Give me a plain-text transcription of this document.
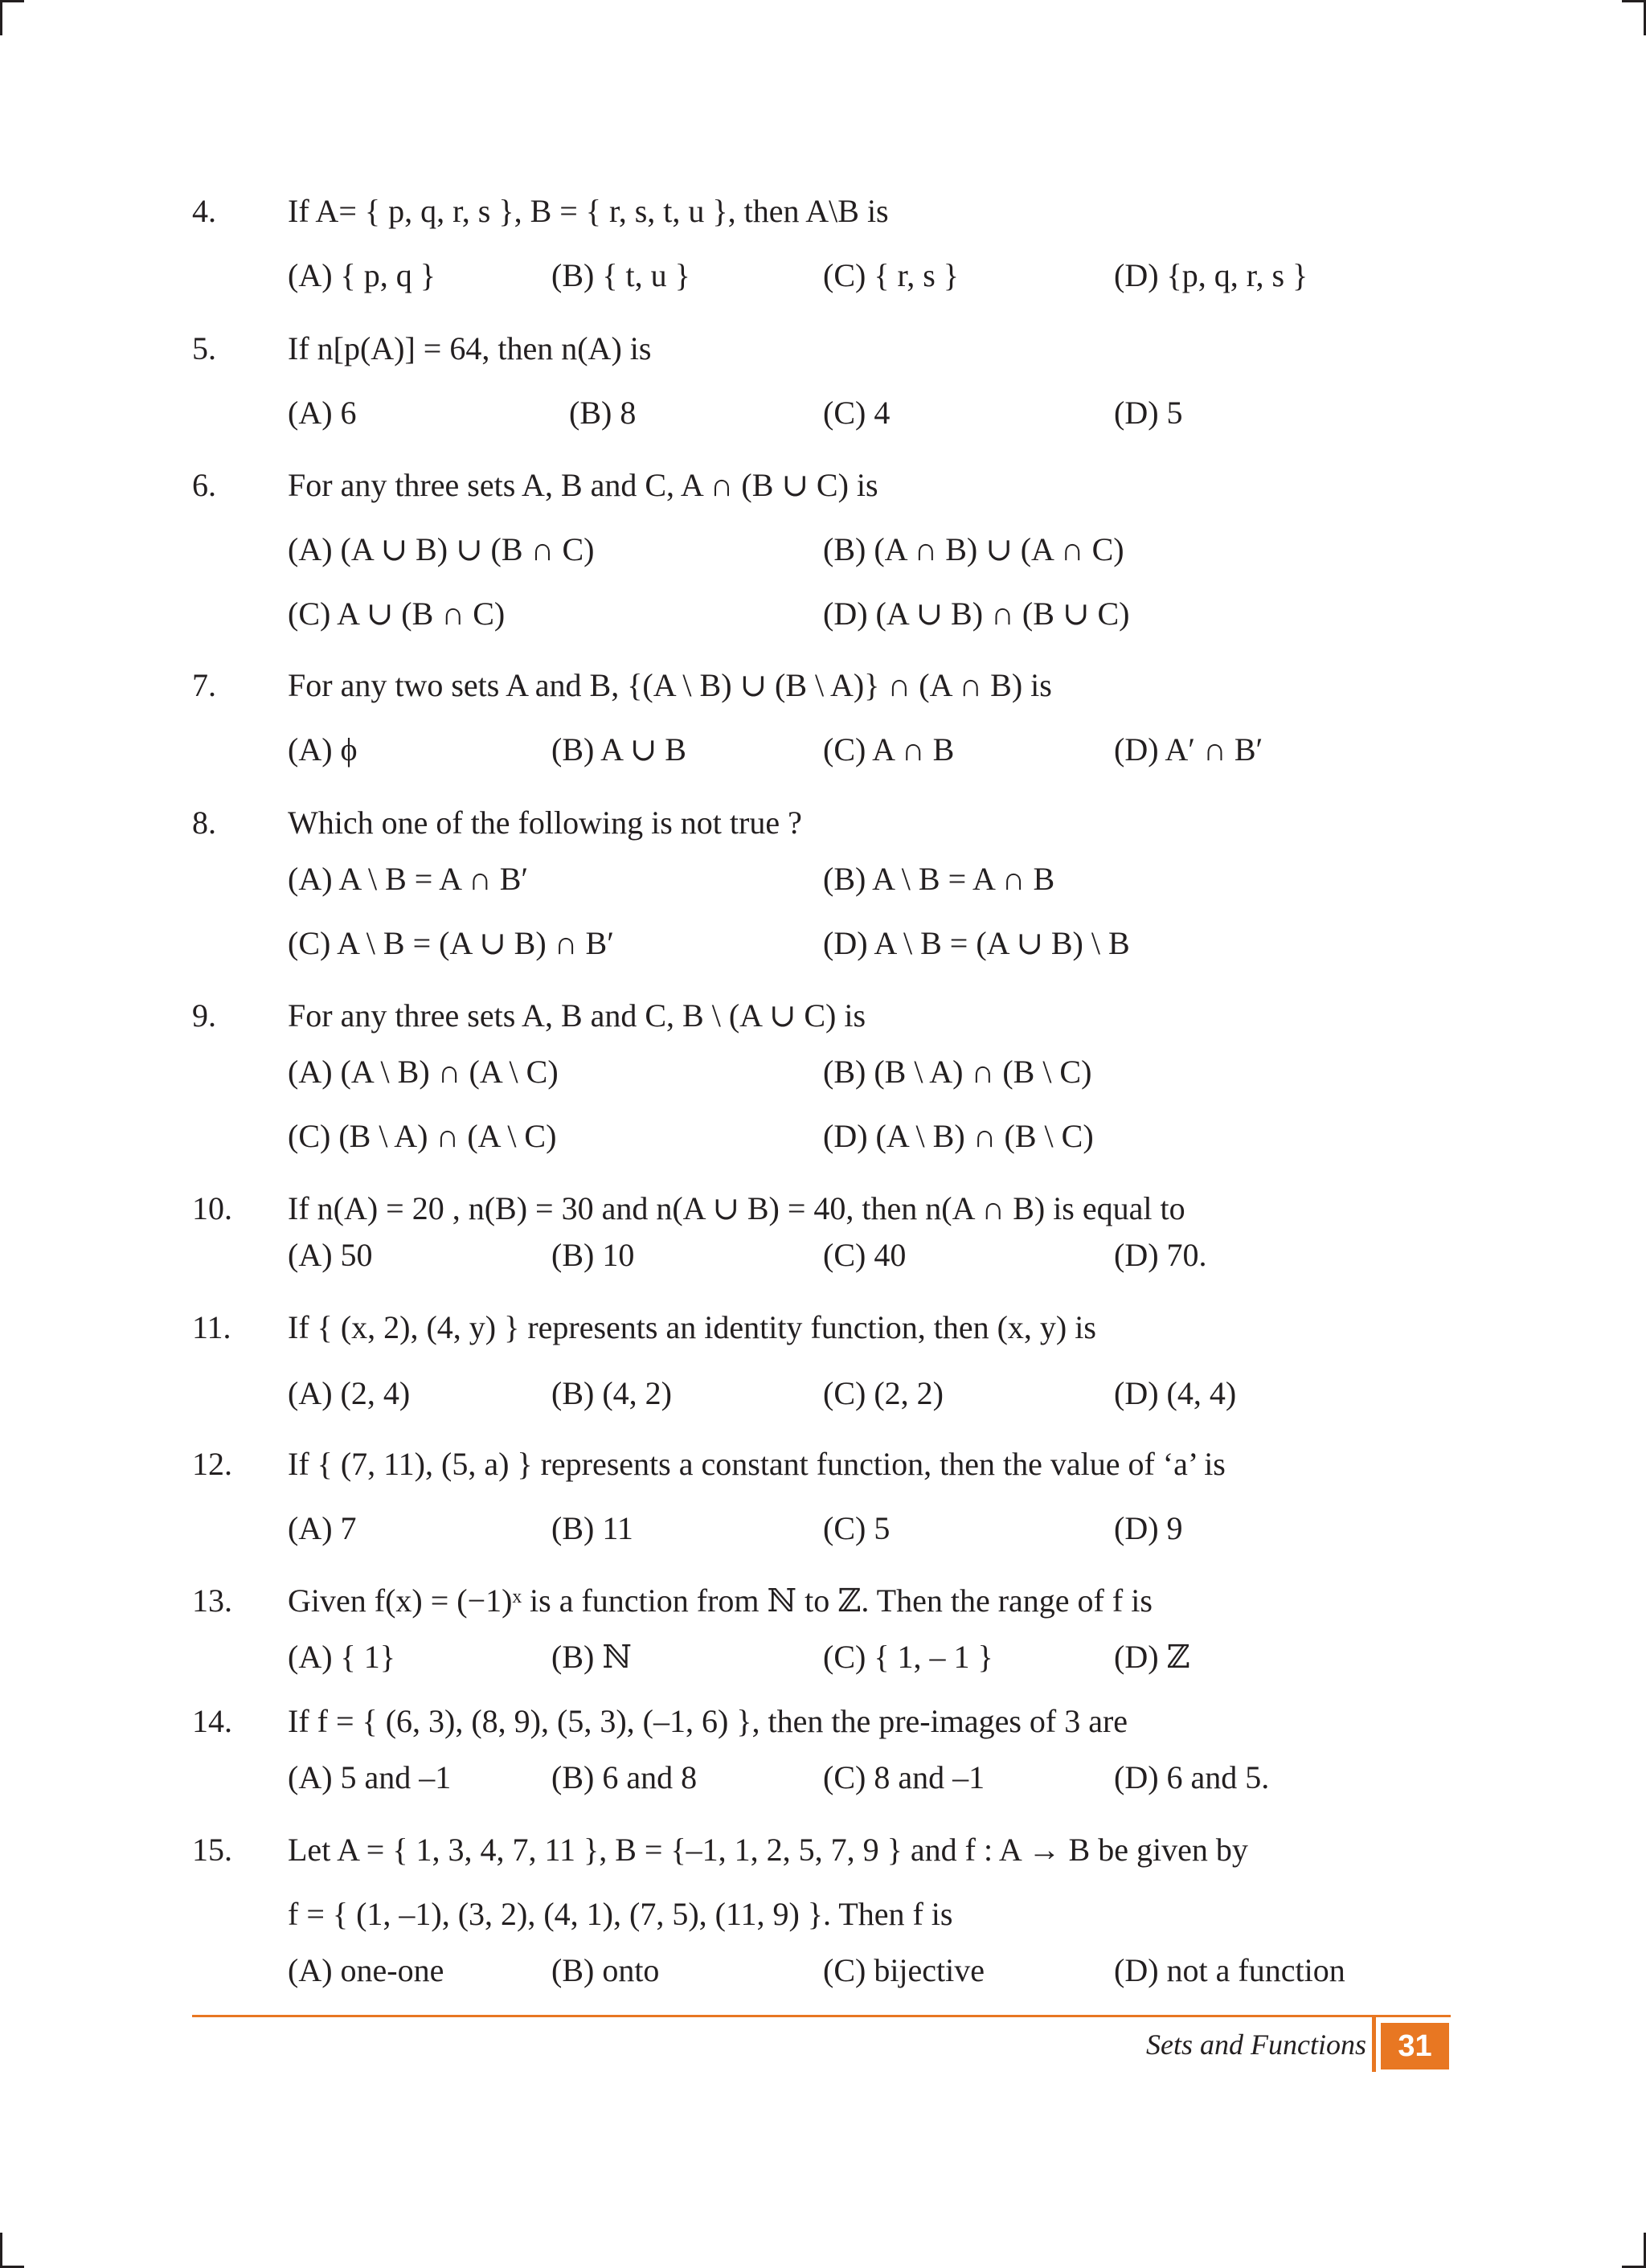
4. If A= { p, q, r, s }, B = { r, s, t, u }, then A\B is
(A) { p, q }	(B) { t, u }	(C) { r, s }	(D) {p, q, r, s }
5. If n[p(A)] = 64, then n(A) is
(A) 6	(B) 8	(C) 4	(D) 5
6. For any three sets A, B and C, A ∩ (B ∪ C) is
(A) (A ∪ B) ∪ (B ∩ C)	(B) (A ∩ B) ∪ (A ∩ C)
(C) A ∪ (B ∩ C)	(D) (A ∪ B) ∩ (B ∪ C)
7. For any two sets A and B, {(A \ B) ∪ (B \ A)} ∩ (A ∩ B) is
(A) ϕ	(B) A ∪ B	(C) A ∩ B	(D) A′ ∩ B′
8. Which one of the following is not true ?
(A) A \ B = A ∩ B′	(B) A \ B = A ∩ B
(C) A \ B = (A ∪ B) ∩ B′	(D) A \ B = (A ∪ B) \ B
9. For any three sets A, B and C, B \ (A ∪ C) is
(A) (A \ B) ∩ (A \ C)	(B) (B \ A) ∩ (B \ C)
(C) (B \ A) ∩ (A \ C)	(D) (A \ B) ∩ (B \ C)
10. If n(A) = 20 , n(B) = 30 and n(A ∪ B) = 40, then n(A ∩ B) is equal to
(A) 50	(B) 10	(C) 40	(D) 70.
11. If { (x, 2), (4, y) } represents an identity function, then (x, y) is
(A) (2, 4)	(B) (4, 2)	(C) (2, 2)	(D) (4, 4)
12. If { (7, 11), (5, a) } represents a constant function, then the value of ‘a’ is
(A) 7	(B) 11	(C) 5	(D) 9
13. Given f(x) = (−1)ˣ is a function from ℕ to ℤ. Then the range of f is
(A) { 1}	(B) ℕ	(C) { 1, – 1 }	(D) ℤ
14. If f = { (6, 3), (8, 9), (5, 3), (–1, 6) }, then the pre-images of 3 are
(A) 5 and –1	(B) 6 and 8	(C) 8 and –1	(D) 6 and 5.
15. Let A = { 1, 3, 4, 7, 11 }, B = {–1, 1, 2, 5, 7, 9 } and f : A → B be given by
f = { (1, –1), (3, 2), (4, 1), (7, 5), (11, 9) }. Then f is
(A) one-one	(B) onto	(C) bijective	(D) not a function
Sets and Functions	31
